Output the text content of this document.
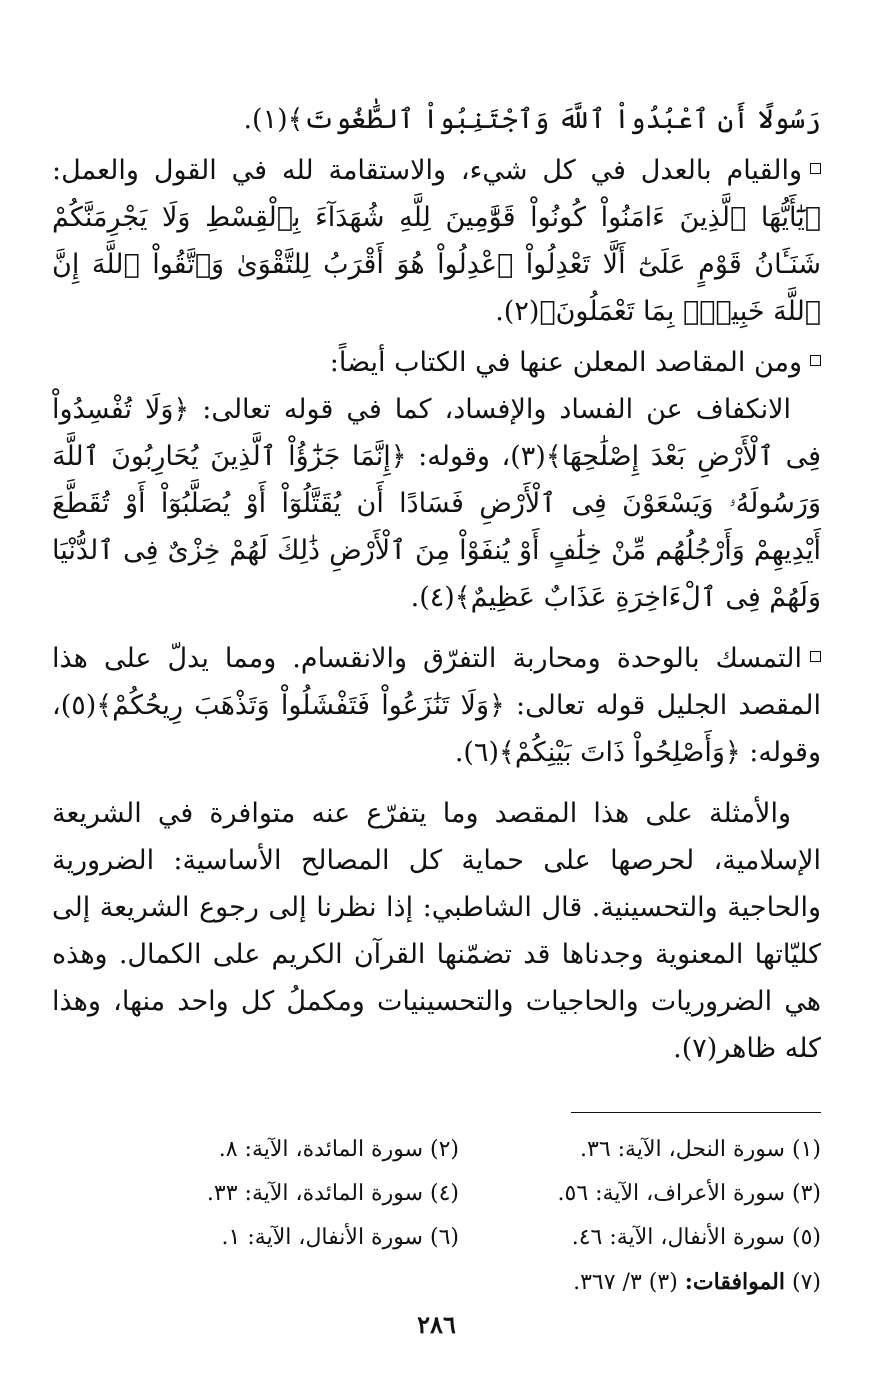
رَسُولًا أَنِ ٱعْبُدُواْ ٱللَّهَ وَٱجْتَنِبُواْ ٱلطَّٰغُوتَ﴾(١).

والقيام بالعدل في كل شيء، والاستقامة لله في القول والعمل: ﴿يَٰٓأَيُّهَا ٱلَّذِينَ ءَامَنُواْ كُونُواْ قَوَّٰمِينَ لِلَّهِ شُهَدَآءَ بِٱلْقِسْطِ وَلَا يَجْرِمَنَّكُمْ شَنَـَٔانُ قَوْمٍ عَلَىٰٓ أَلَّا تَعْدِلُواْ ٱعْدِلُواْ هُوَ أَقْرَبُ لِلتَّقْوَىٰ وَٱتَّقُواْ ٱللَّهَ إِنَّ ٱللَّهَ خَبِيرٌۢ بِمَا تَعْمَلُونَ﴾(٢).

ومن المقاصد المعلن عنها في الكتاب أيضاً:

الانكفاف عن الفساد والإفساد، كما في قوله تعالى: ﴿وَلَا تُفْسِدُواْ فِى ٱلْأَرْضِ بَعْدَ إِصْلَٰحِهَا﴾(٣)، وقوله: ﴿إِنَّمَا جَزَٰٓؤُاْ ٱلَّذِينَ يُحَارِبُونَ ٱللَّهَ وَرَسُولَهُۥ وَيَسْعَوْنَ فِى ٱلْأَرْضِ فَسَادًا أَن يُقَتَّلُوٓاْ أَوْ يُصَلَّبُوٓاْ أَوْ تُقَطَّعَ أَيْدِيهِمْ وَأَرْجُلُهُم مِّنْ خِلَٰفٍ أَوْ يُنفَوْاْ مِنَ ٱلْأَرْضِ ذَٰلِكَ لَهُمْ خِزْىٌ فِى ٱلدُّنْيَا وَلَهُمْ فِى ٱلْءَاخِرَةِ عَذَابٌ عَظِيمٌ﴾(٤).

التمسك بالوحدة ومحاربة التفرّق والانقسام. ومما يدلّ على هذا المقصد الجليل قوله تعالى: ﴿وَلَا تَنَٰزَعُواْ فَتَفْشَلُواْ وَتَذْهَبَ رِيحُكُمْ﴾(٥)، وقوله: ﴿وَأَصْلِحُواْ ذَاتَ بَيْنِكُمْ﴾(٦).

والأمثلة على هذا المقصد وما يتفرّع عنه متوافرة في الشريعة الإسلامية، لحرصها على حماية كل المصالح الأساسية: الضرورية والحاجية والتحسينية. قال الشاطبي: إذا نظرنا إلى رجوع الشريعة إلى كليّاتها المعنوية وجدناها قد تضمّنها القرآن الكريم على الكمال. وهذه هي الضروريات والحاجيات والتحسينيات ومكملُ كل واحد منها، وهذا كله ظاهر(٧).

(١) سورة النحل، الآية: ٣٦.
(٢) سورة المائدة، الآية: ٨.
(٣) سورة الأعراف، الآية: ٥٦.
(٤) سورة المائدة، الآية: ٣٣.
(٥) سورة الأنفال، الآية: ٤٦.
(٦) سورة الأنفال، الآية: ١.
(٧) الموافقات: (٣) ٣/ ٣٦٧.
٢٨٦
